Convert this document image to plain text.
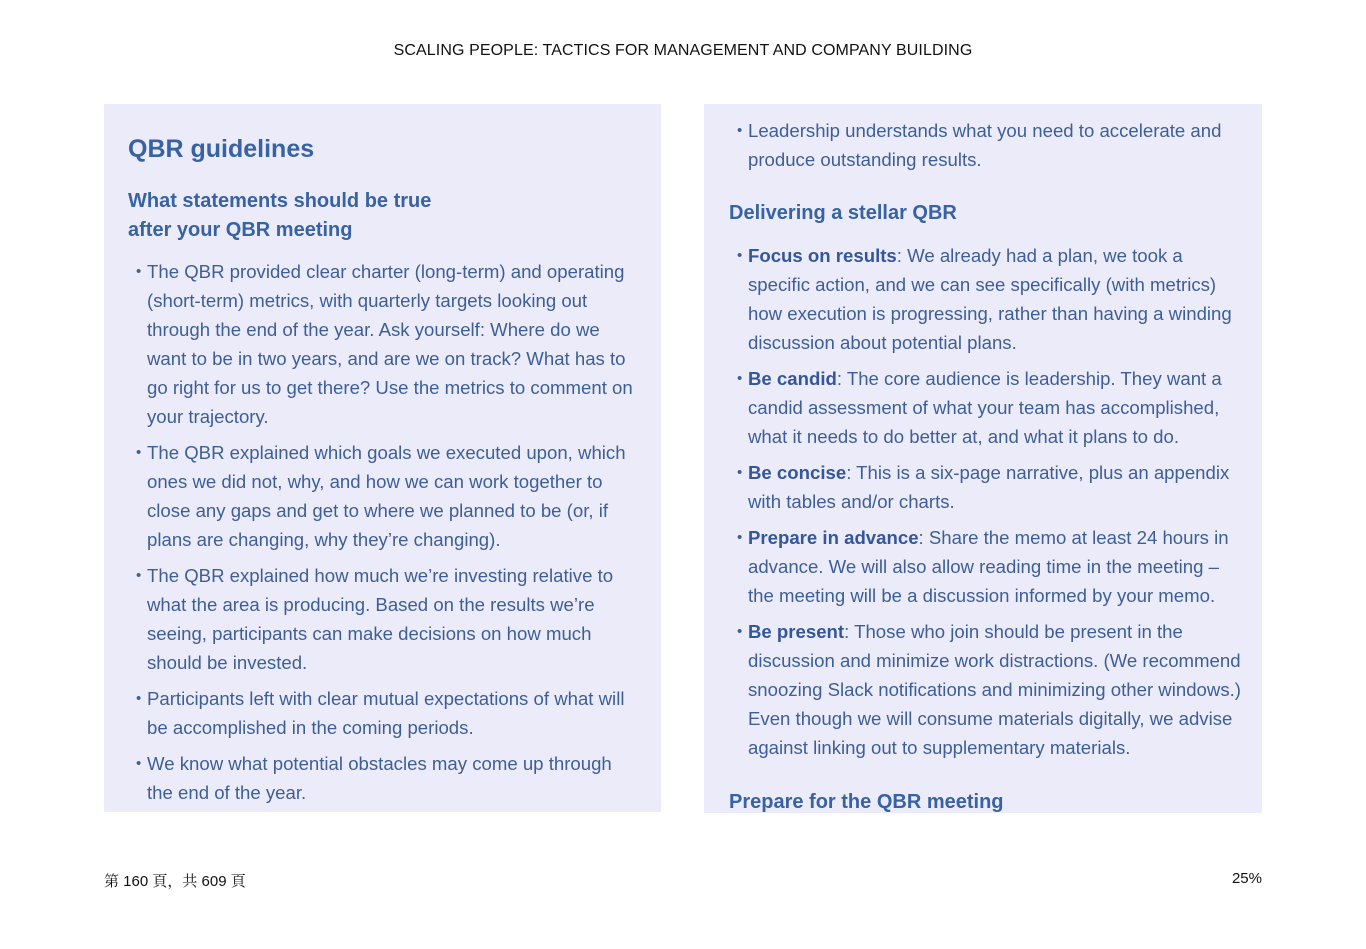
SCALING PEOPLE: TACTICS FOR MANAGEMENT AND COMPANY BUILDING
QBR guidelines
What statements should be true
after your QBR meeting
• The QBR provided clear charter (long-term) and operating (short-term) metrics, with quarterly targets looking out through the end of the year. Ask yourself: Where do we want to be in two years, and are we on track? What has to go right for us to get there? Use the metrics to comment on your trajectory.
• The QBR explained which goals we executed upon, which ones we did not, why, and how we can work together to close any gaps and get to where we planned to be (or, if plans are changing, why they’re changing).
• The QBR explained how much we’re investing relative to what the area is producing. Based on the results we’re seeing, participants can make decisions on how much should be invested.
• Participants left with clear mutual expectations of what will be accomplished in the coming periods.
• We know what potential obstacles may come up through the end of the year.
• Leadership understands what you need to accelerate and produce outstanding results.
Delivering a stellar QBR
• Focus on results: We already had a plan, we took a specific action, and we can see specifically (with metrics) how execution is progressing, rather than having a winding discussion about potential plans.
• Be candid: The core audience is leadership. They want a candid assessment of what your team has accomplished, what it needs to do better at, and what it plans to do.
• Be concise: This is a six-page narrative, plus an appendix with tables and/or charts.
• Prepare in advance: Share the memo at least 24 hours in advance. We will also allow reading time in the meeting – the meeting will be a discussion informed by your memo.
• Be present: Those who join should be present in the discussion and minimize work distractions. (We recommend snoozing Slack notifications and minimizing other windows.) Even though we will consume materials digitally, we advise against linking out to supplementary materials.
Prepare for the QBR meeting
第 160 頁，共 609 頁	25%
